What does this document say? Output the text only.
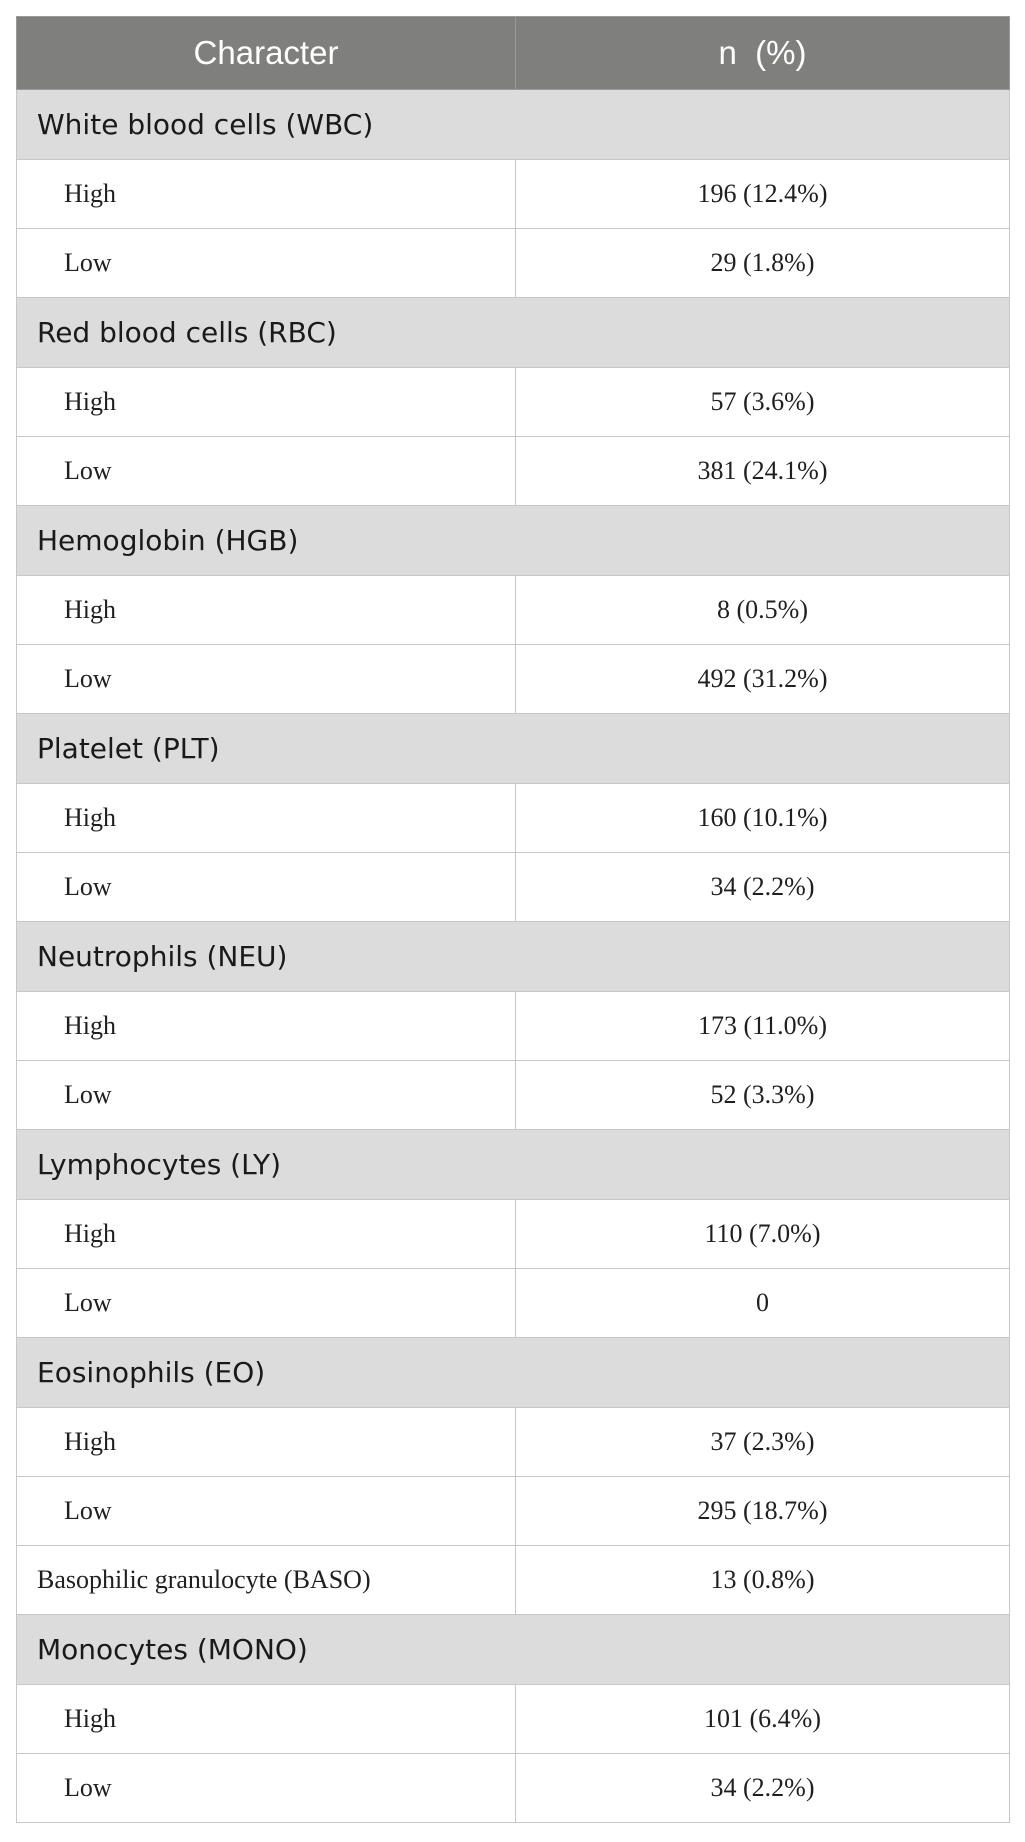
Character	n  (%)
White blood cells (WBC)	
High	196 (12.4%)
Low	29 (1.8%)
Red blood cells (RBC)	
High	57 (3.6%)
Low	381 (24.1%)
Hemoglobin (HGB)	
High	8 (0.5%)
Low	492 (31.2%)
Platelet (PLT)	
High	160 (10.1%)
Low	34 (2.2%)
Neutrophils (NEU)	
High	173 (11.0%)
Low	52 (3.3%)
Lymphocytes (LY)	
High	110 (7.0%)
Low	0
Eosinophils (EO)	
High	37 (2.3%)
Low	295 (18.7%)
Basophilic granulocyte (BASO)	13 (0.8%)
Monocytes (MONO)	
High	101 (6.4%)
Low	34 (2.2%)
